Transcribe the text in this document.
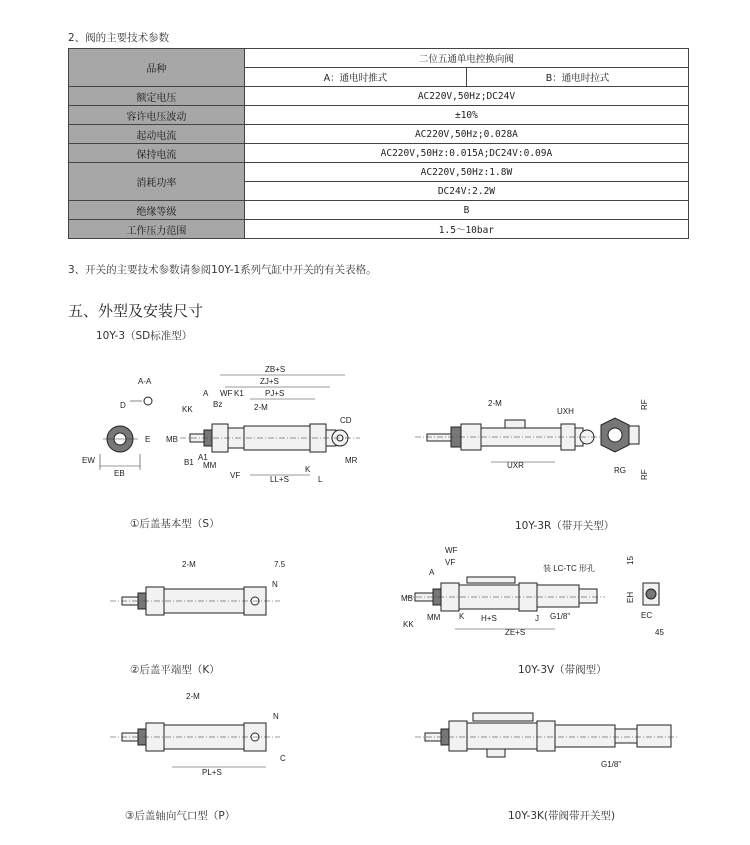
2、阀的主要技术参数
品种	二位五通单电控换向阀	
	A：通电时推式	B：通电时拉式
额定电压	AC220V,50Hz;DC24V	
容许电压波动	±10%	
起动电流	AC220V,50Hz;0.028A	
保持电流	AC220V,50Hz:0.015A;DC24V:0.09A	
消耗功率	AC220V,50Hz:1.8W	
	DC24V:2.2W	
绝缘等级	B	
工作压力范围	1.5～10bar	
3、开关的主要技术参数请参阅10Y-1系列气缸中开关的有关表格。
五、外型及安装尺寸
10Y-3（SD标准型）
A-A
D
E
EW
EB
ZB+S
ZJ+S
A WF K1	PJ+S
KK
Bz	2-M
CD
MB
MR
B1
A1
MM
VF	LL+S
K
L
①后盖基本型（S）
2-M
UXH
UXR
RG
RF
RF
10Y-3R（带开关型）
2-M	7.5
N
②后盖平端型（K）
WF
VF
A
MB
装 LC-TC 形孔
KK
MM K H+S	J G1/8"
ZE+S
15
EH
EC
45
10Y-3V（带阀型）
2-M
N
C
PL+S
③后盖轴向气口型（P）
G1/8"
10Y-3K(带阀带开关型)
